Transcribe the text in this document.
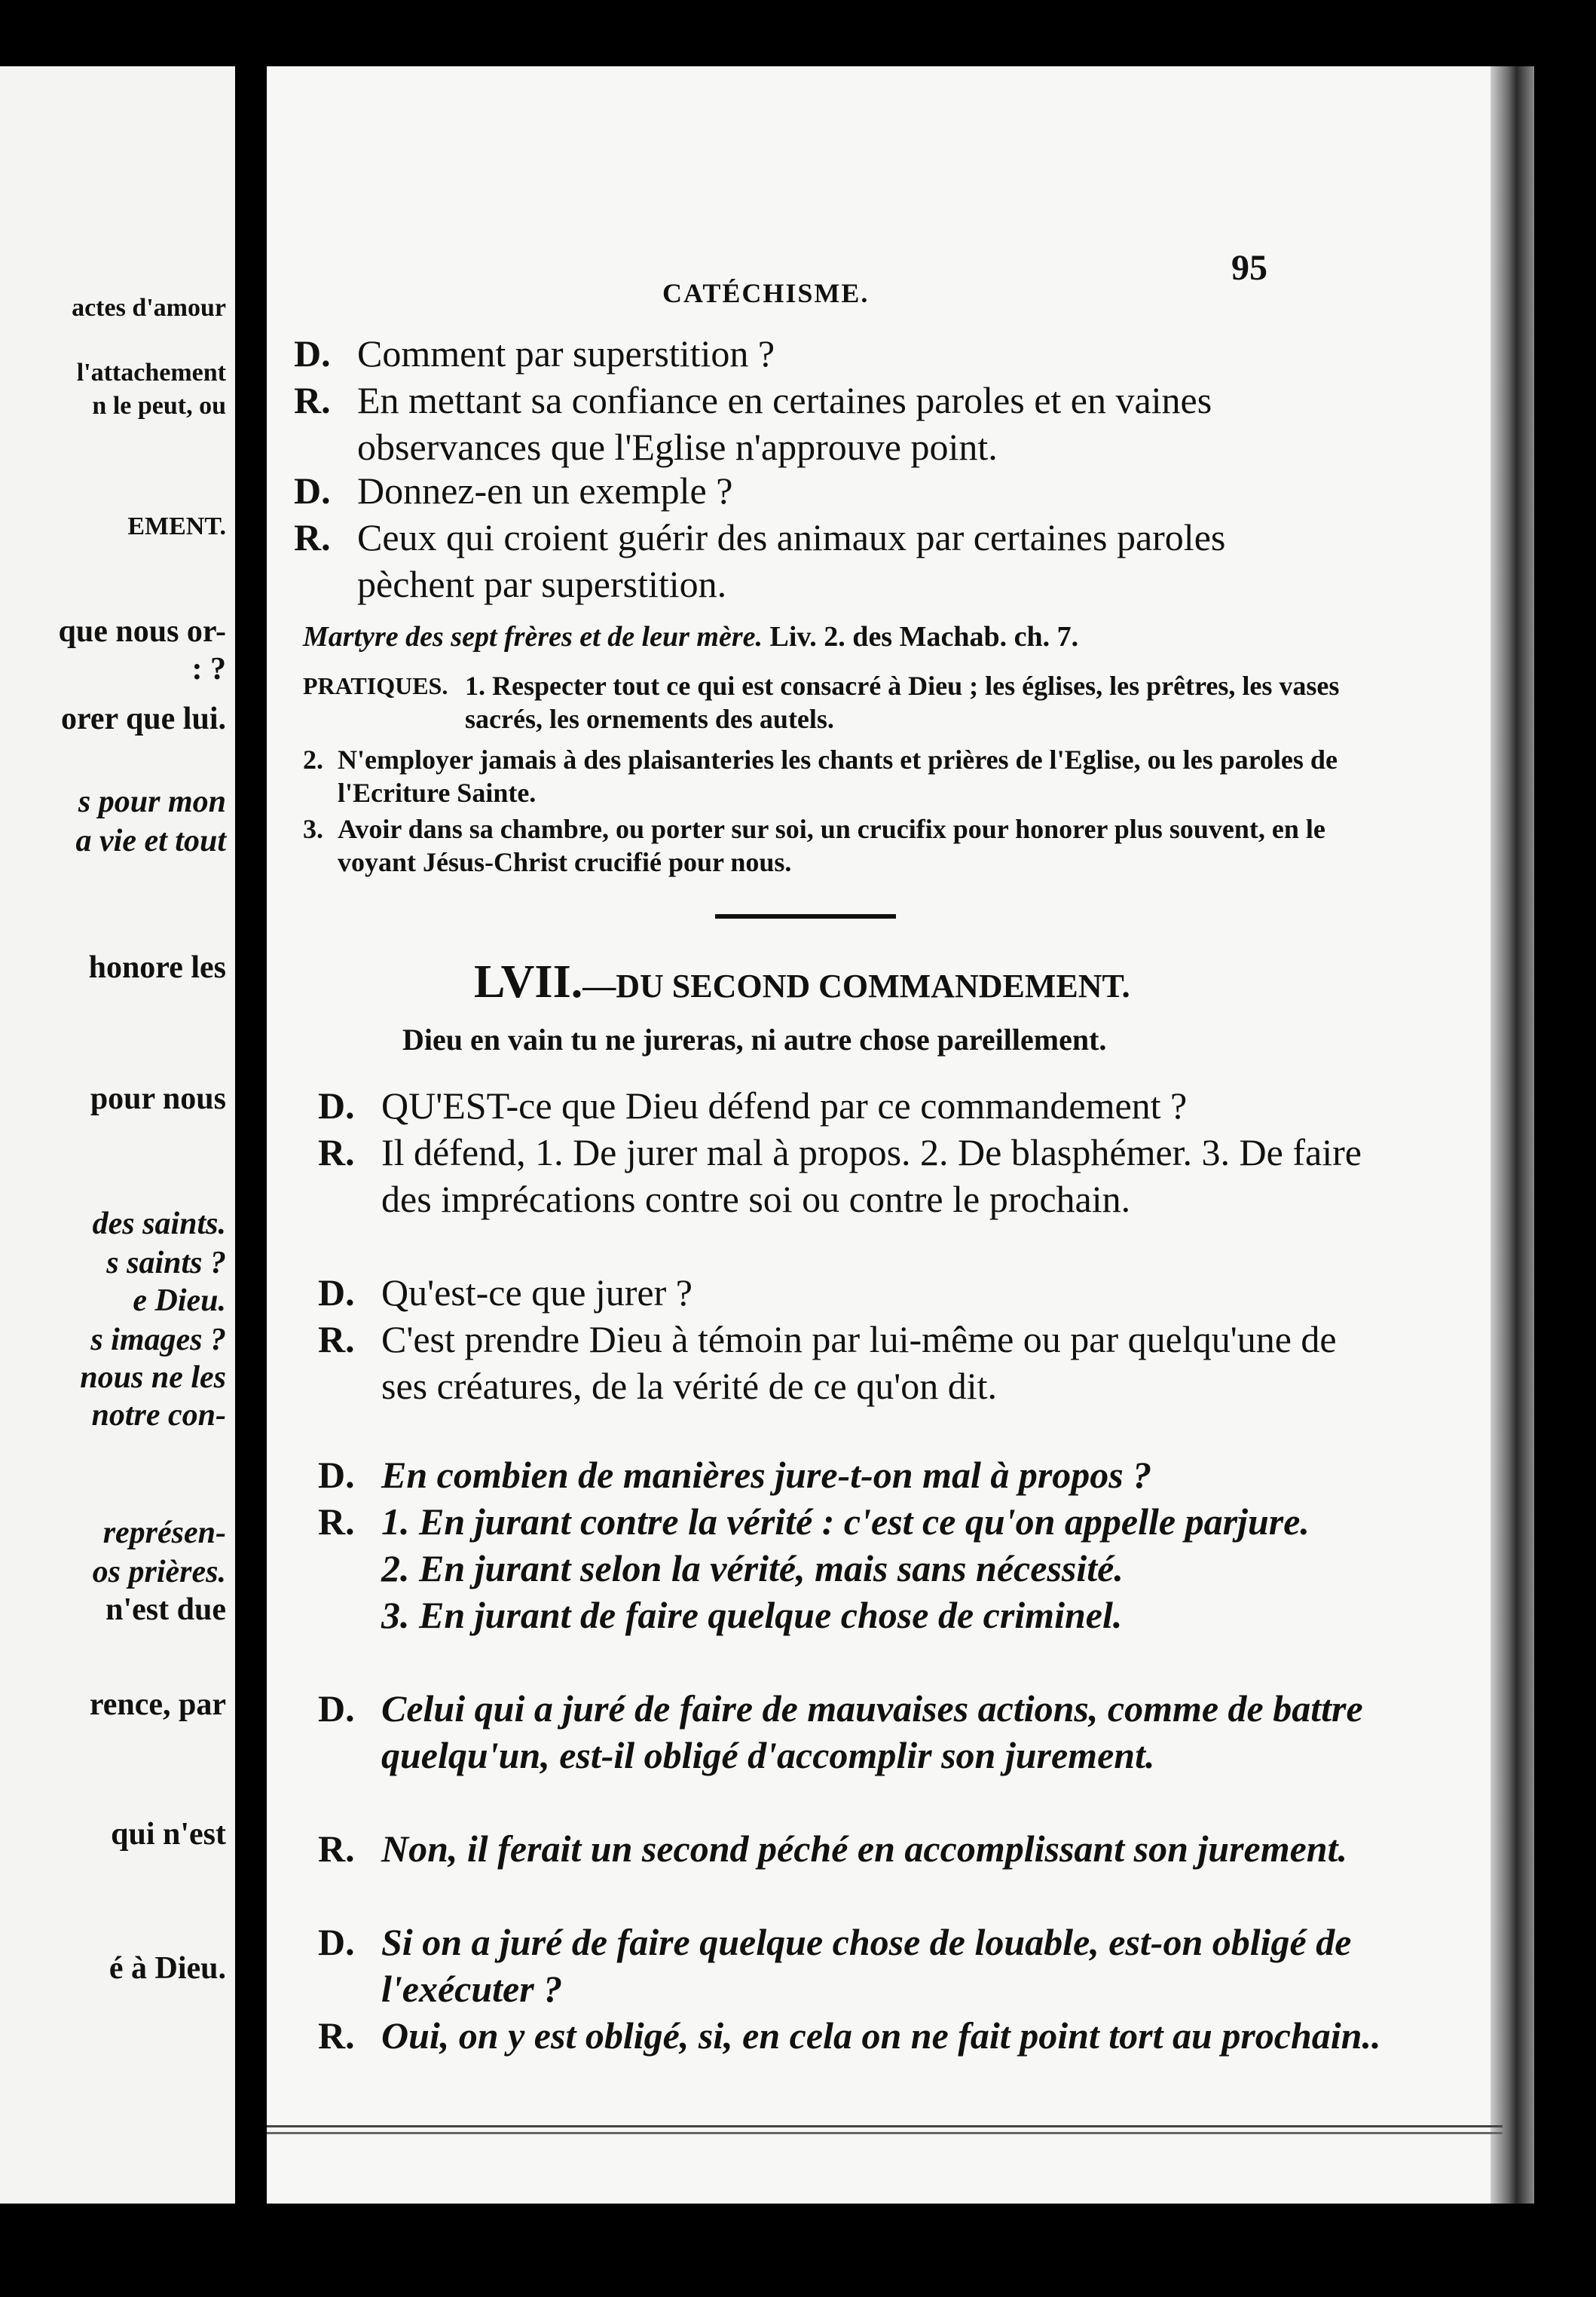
actes d'amour
l'attachement
n le peut, ou
EMENT.
que nous or-
: ?
orer que lui.
s pour mon
a vie et tout
honore les
pour nous
des saints.
s saints ?
e Dieu.
s images ?
nous ne les
notre con-
représen-
os prières.
n'est due
rence, par
qui n'est
é à Dieu.
CATÉCHISME.
95
D. Comment par superstition ?
R. En mettant sa confiance en certaines paroles et en vaines observances que l'Eglise n'approuve point.
D. Donnez-en un exemple ?
R. Ceux qui croient guérir des animaux par certaines paroles pèchent par superstition.
Martyre des sept frères et de leur mère. Liv. 2. des Machab. ch. 7.
PRATIQUES. 1. Respecter tout ce qui est consacré à Dieu ; les églises, les prêtres, les vases sacrés, les ornements des autels.
2. N'employer jamais à des plaisanteries les chants et prières de l'Eglise, ou les paroles de l'Ecriture Sainte.
3. Avoir dans sa chambre, ou porter sur soi, un crucifix pour honorer plus souvent, en le voyant Jésus-Christ crucifié pour nous.
LVII.—DU SECOND COMMANDEMENT.
Dieu en vain tu ne jureras, ni autre chose pareillement.
D. QU'EST-ce que Dieu défend par ce commandement ?
R. Il défend, 1. De jurer mal à propos. 2. De blasphémer. 3. De faire des imprécations contre soi ou contre le prochain.
D. Qu'est-ce que jurer ?
R. C'est prendre Dieu à témoin par lui-même ou par quelqu'une de ses créatures, de la vérité de ce qu'on dit.
D. En combien de manières jure-t-on mal à propos ?
R. 1. En jurant contre la vérité : c'est ce qu'on appelle parjure.
2. En jurant selon la vérité, mais sans nécessité.
3. En jurant de faire quelque chose de criminel.
D. Celui qui a juré de faire de mauvaises actions, comme de battre quelqu'un, est-il obligé d'accomplir son jurement.
R. Non, il ferait un second péché en accomplissant son jurement.
D. Si on a juré de faire quelque chose de louable, est-on obligé de l'exécuter ?
R. Oui, on y est obligé, si, en cela on ne fait point tort au prochain..
